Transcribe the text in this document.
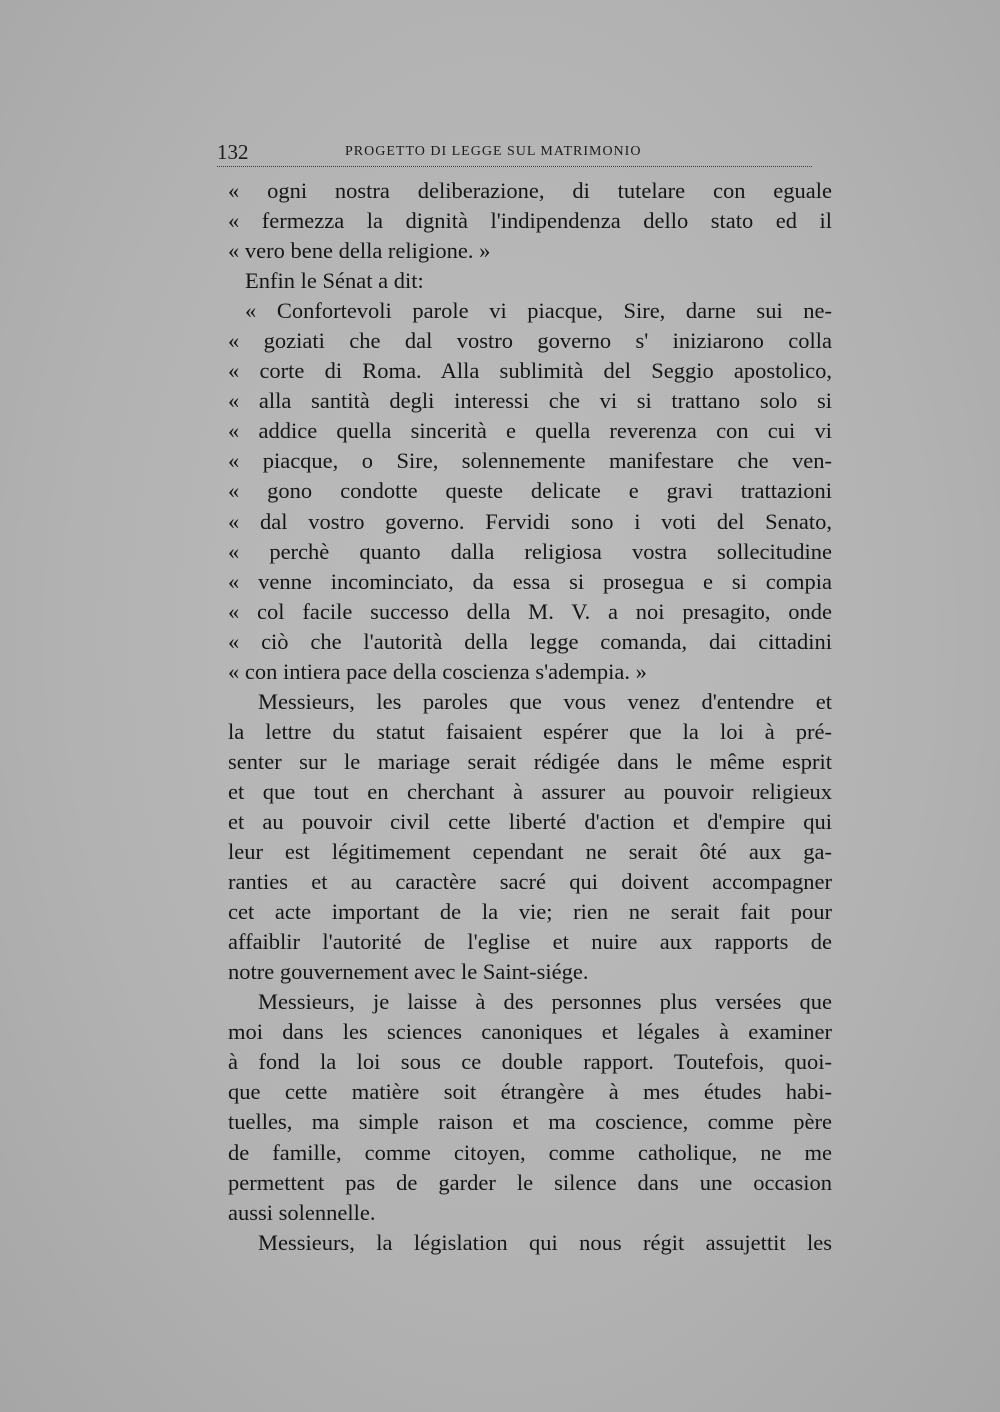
132	PROGETTO DI LEGGE SUL MATRIMONIO
« ogni nostra deliberazione, di tutelare con eguale
« fermezza la dignità l'indipendenza dello stato ed il
« vero bene della religione. »
Enfin le Sénat a dit:
« Confortevoli parole vi piacque, Sire, darne sui ne-
« goziati che dal vostro governo s' iniziarono colla
« corte di Roma. Alla sublimità del Seggio apostolico,
« alla santità degli interessi che vi si trattano solo si
« addice quella sincerità e quella reverenza con cui vi
« piacque, o Sire, solennemente manifestare che ven-
« gono condotte queste delicate e gravi trattazioni
« dal vostro governo. Fervidi sono i voti del Senato,
« perchè quanto dalla religiosa vostra sollecitudine
« venne incominciato, da essa si prosegua e si compia
« col facile successo della M. V. a noi presagito, onde
« ciò che l'autorità della legge comanda, dai cittadini
« con intiera pace della coscienza s'adempia. »
Messieurs, les paroles que vous venez d'entendre et
la lettre du statut faisaient espérer que la loi à pré-
senter sur le mariage serait rédigée dans le même esprit
et que tout en cherchant à assurer au pouvoir religieux
et au pouvoir civil cette liberté d'action et d'empire qui
leur est légitimement cependant ne serait ôté aux ga-
ranties et au caractère sacré qui doivent accompagner
cet acte important de la vie; rien ne serait fait pour
affaiblir l'autorité de l'eglise et nuire aux rapports de
notre gouvernement avec le Saint-siége.
Messieurs, je laisse à des personnes plus versées que
moi dans les sciences canoniques et légales à examiner
à fond la loi sous ce double rapport. Toutefois, quoi-
que cette matière soit étrangère à mes études habi-
tuelles, ma simple raison et ma coscience, comme père
de famille, comme citoyen, comme catholique, ne me
permettent pas de garder le silence dans une occasion
aussi solennelle.
Messieurs, la législation qui nous régit assujettit les
